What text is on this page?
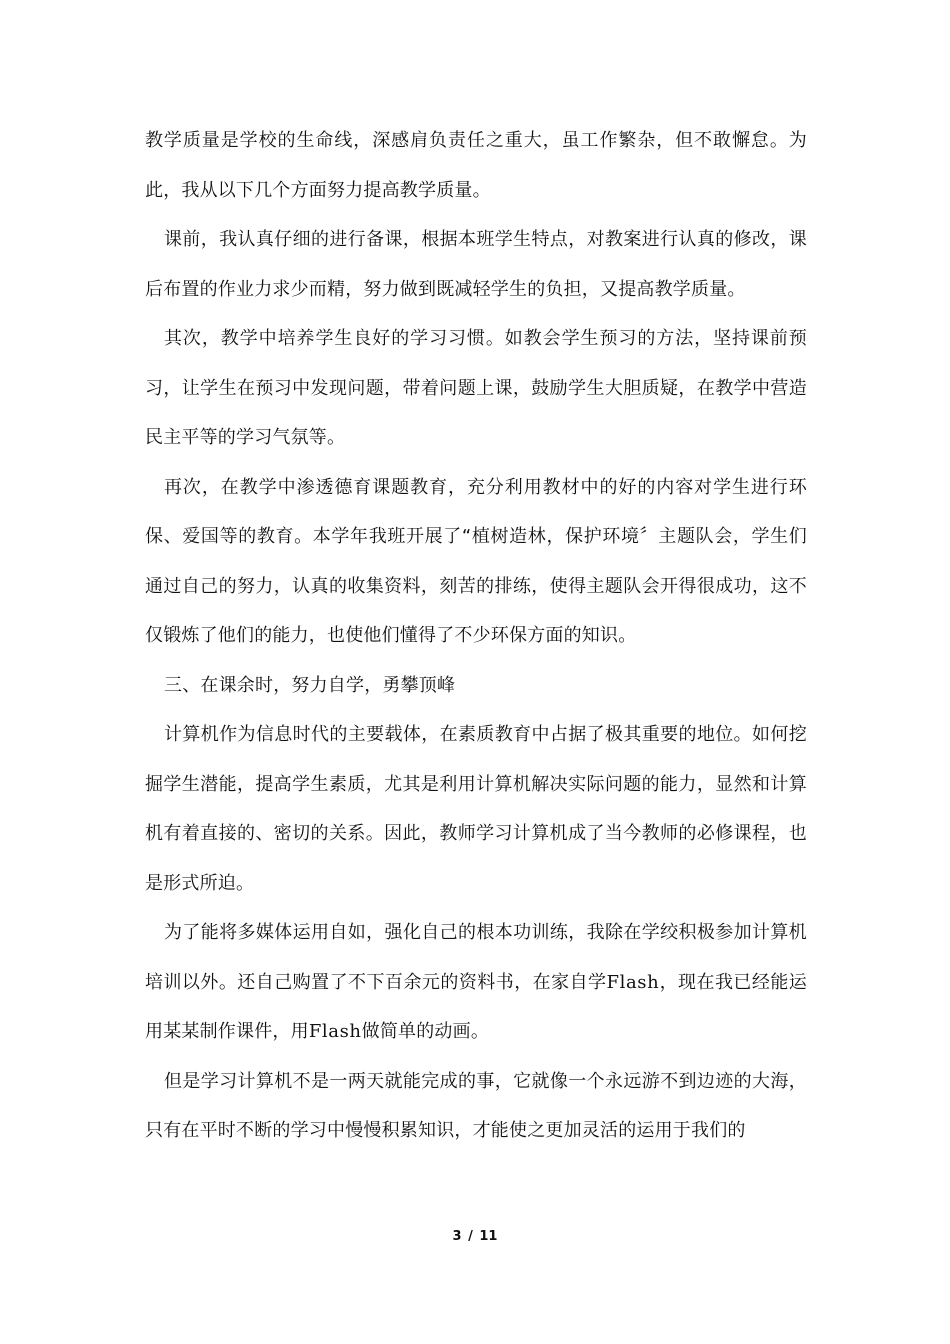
教学质量是学校的生命线，深感肩负责任之重大，虽工作繁杂，但不敢懈怠。为此，我从以下几个方面努力提高教学质量。

课前，我认真仔细的进行备课，根据本班学生特点，对教案进行认真的修改，课后布置的作业力求少而精，努力做到既减轻学生的负担，又提高教学质量。

其次，教学中培养学生良好的学习习惯。如教会学生预习的方法，坚持课前预习，让学生在预习中发现问题，带着问题上课，鼓励学生大胆质疑，在教学中营造民主平等的学习气氛等。

再次，在教学中渗透德育课题教育，充分利用教材中的好的内容对学生进行环保、爱国等的教育。本学年我班开展了“植树造林，保护环境〞主题队会，学生们通过自己的努力，认真的收集资料，刻苦的排练，使得主题队会开得很成功，这不仅锻炼了他们的能力，也使他们懂得了不少环保方面的知识。

三、在课余时，努力自学，勇攀顶峰

计算机作为信息时代的主要载体，在素质教育中占据了极其重要的地位。如何挖掘学生潜能，提高学生素质，尤其是利用计算机解决实际问题的能力，显然和计算机有着直接的、密切的关系。因此，教师学习计算机成了当今教师的必修课程，也是形式所迫。

为了能将多媒体运用自如，强化自己的根本功训练，我除在学绞积极参加计算机培训以外。还自己购置了不下百余元的资料书，在家自学Flash，现在我已经能运用某某制作课件，用Flash做简单的动画。

但是学习计算机不是一两天就能完成的事，它就像一个永远游不到边迹的大海，只有在平时不断的学习中慢慢积累知识，才能使之更加灵活的运用于我们的

3 / 11
